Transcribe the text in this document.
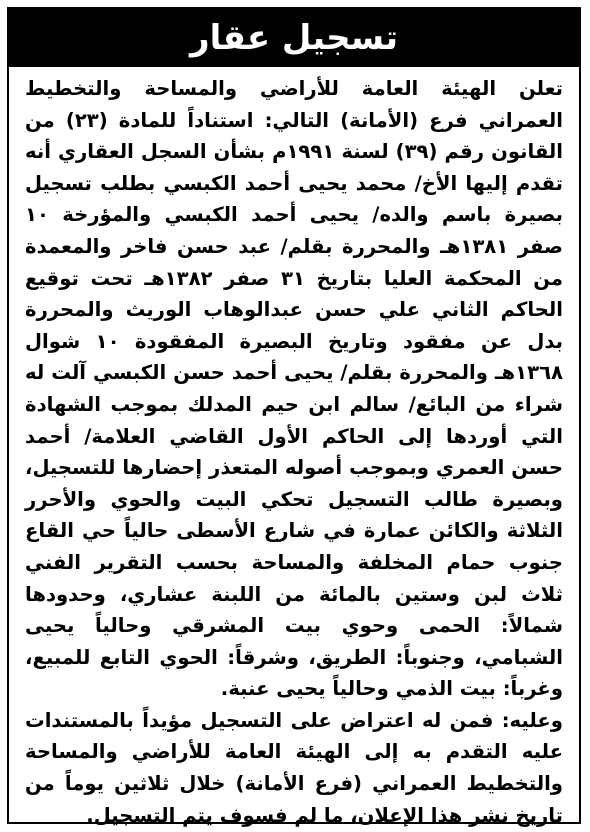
تسجيل عقار

تعلن الهيئة العامة للأراضي والمساحة والتخطيط العمراني فرع (الأمانة) التالي: استناداً للمادة (٢٣) من القانون رقم (٣٩) لسنة ١٩٩١م بشأن السجل العقاري أنه تقدم إليها الأخ/ محمد يحيى أحمد الكبسي بطلب تسجيل بصيرة باسم والده/ يحيى أحمد الكبسي والمؤرخة ١٠ صفر ١٣٨١هـ والمحررة بقلم/ عبد حسن فاخر والمعمدة من المحكمة العليا بتاريخ ٣١ صفر ١٣٨٢هـ تحت توقيع الحاكم الثاني علي حسن عبدالوهاب الوريث والمحررة بدل عن مفقود وتاريخ البصيرة المفقودة ١٠ شوال ١٣٦٨هـ والمحررة بقلم/ يحيى أحمد حسن الكبسي آلت له شراء من البائع/ سالم ابن حيم المدلك بموجب الشهادة التي أوردها إلى الحاكم الأول القاضي العلامة/ أحمد حسن العمري وبموجب أصوله المتعذر إحضارها للتسجيل، وبصيرة طالب التسجيل تحكي البيت والحوي والأحرر الثلاثة والكائن عمارة في شارع الأسطى حالياً حي القاع جنوب حمام المخلفة والمساحة بحسب التقرير الفني ثلاث لبن وستين بالمائة من اللبنة عشاري، وحدودها شمالاً: الحمى وحوي بيت المشرقي وحالياً يحيى الشبامي، وجنوباً: الطريق، وشرقاً: الحوي التابع للمبيع، وغرباً: بيت الذمي وحالياً يحيى عنبة.

وعليه: فمن له اعتراض على التسجيل مؤيداً بالمستندات عليه التقدم به إلى الهيئة العامة للأراضي والمساحة والتخطيط العمراني (فرع الأمانة) خلال ثلاثين يوماً من تاريخ نشر هذا الإعلان، ما لم فسوف يتم التسجيل.
